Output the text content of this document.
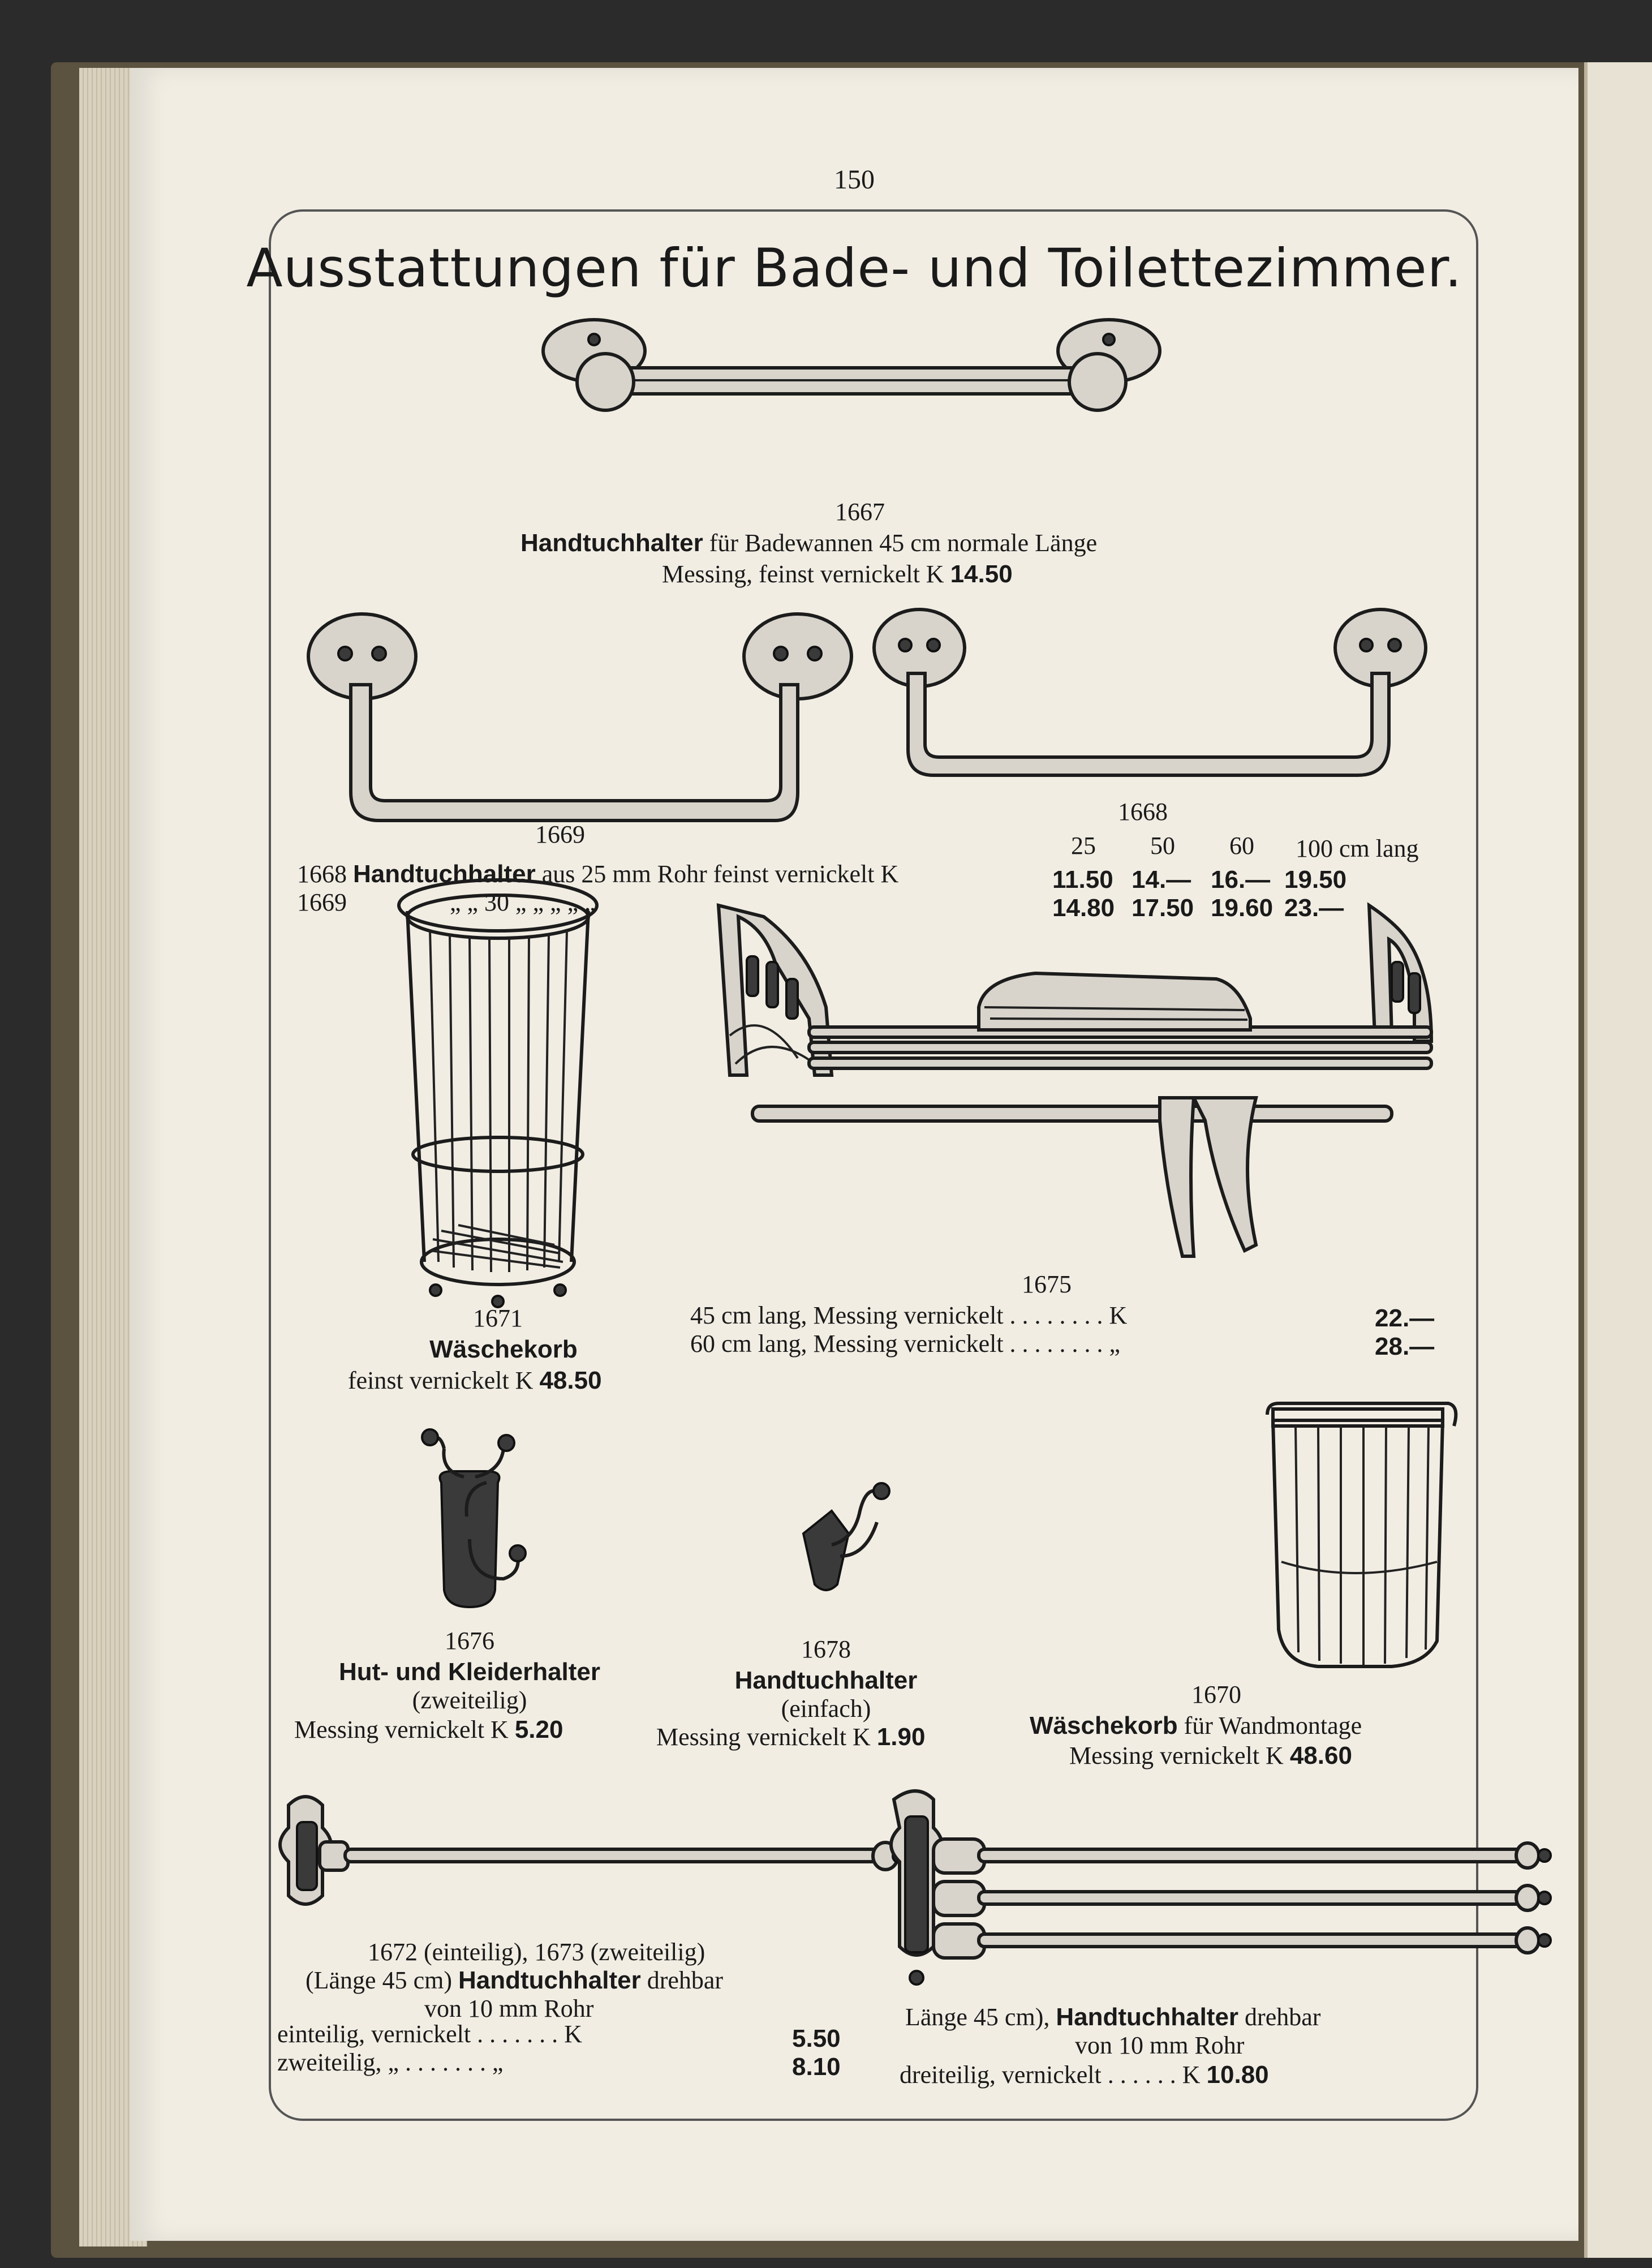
150
Ausstattungen für Bade- und Toilettezimmer.
1667
Handtuchhalter für Badewannen 45 cm normale Länge
Messing, feinst vernickelt K 14.50
1668
1669	25	50	60	100 cm lang
1668 Handtuchhalter aus 25 mm Rohr feinst vernickelt K	11.50 14.— 16.— 19.50
1669	„ „ 30 „ „ „ „ „	14.80 17.50 19.60 23.—
1671
Wäschekorb
feinst vernickelt K 48.50
1675
45 cm lang, Messing vernickelt . . . . . . . . K	22.—
60 cm lang, Messing vernickelt . . . . . . . . „	28.—
1676
Hut- und Kleiderhalter
(zweiteilig)
Messing vernickelt K 5.20
1678
Handtuchhalter
(einfach)
Messing vernickelt K 1.90
1670
Wäschekorb für Wandmontage
Messing vernickelt K 48.60
1672 (einteilig), 1673 (zweiteilig)
(Länge 45 cm) Handtuchhalter drehbar
von 10 mm Rohr
einteilig, vernickelt . . . . . . . K	5.50
zweiteilig, „ . . . . . . . „	8.10
Länge 45 cm), Handtuchhalter drehbar
von 10 mm Rohr
dreiteilig, vernickelt . . . . . . K 10.80
